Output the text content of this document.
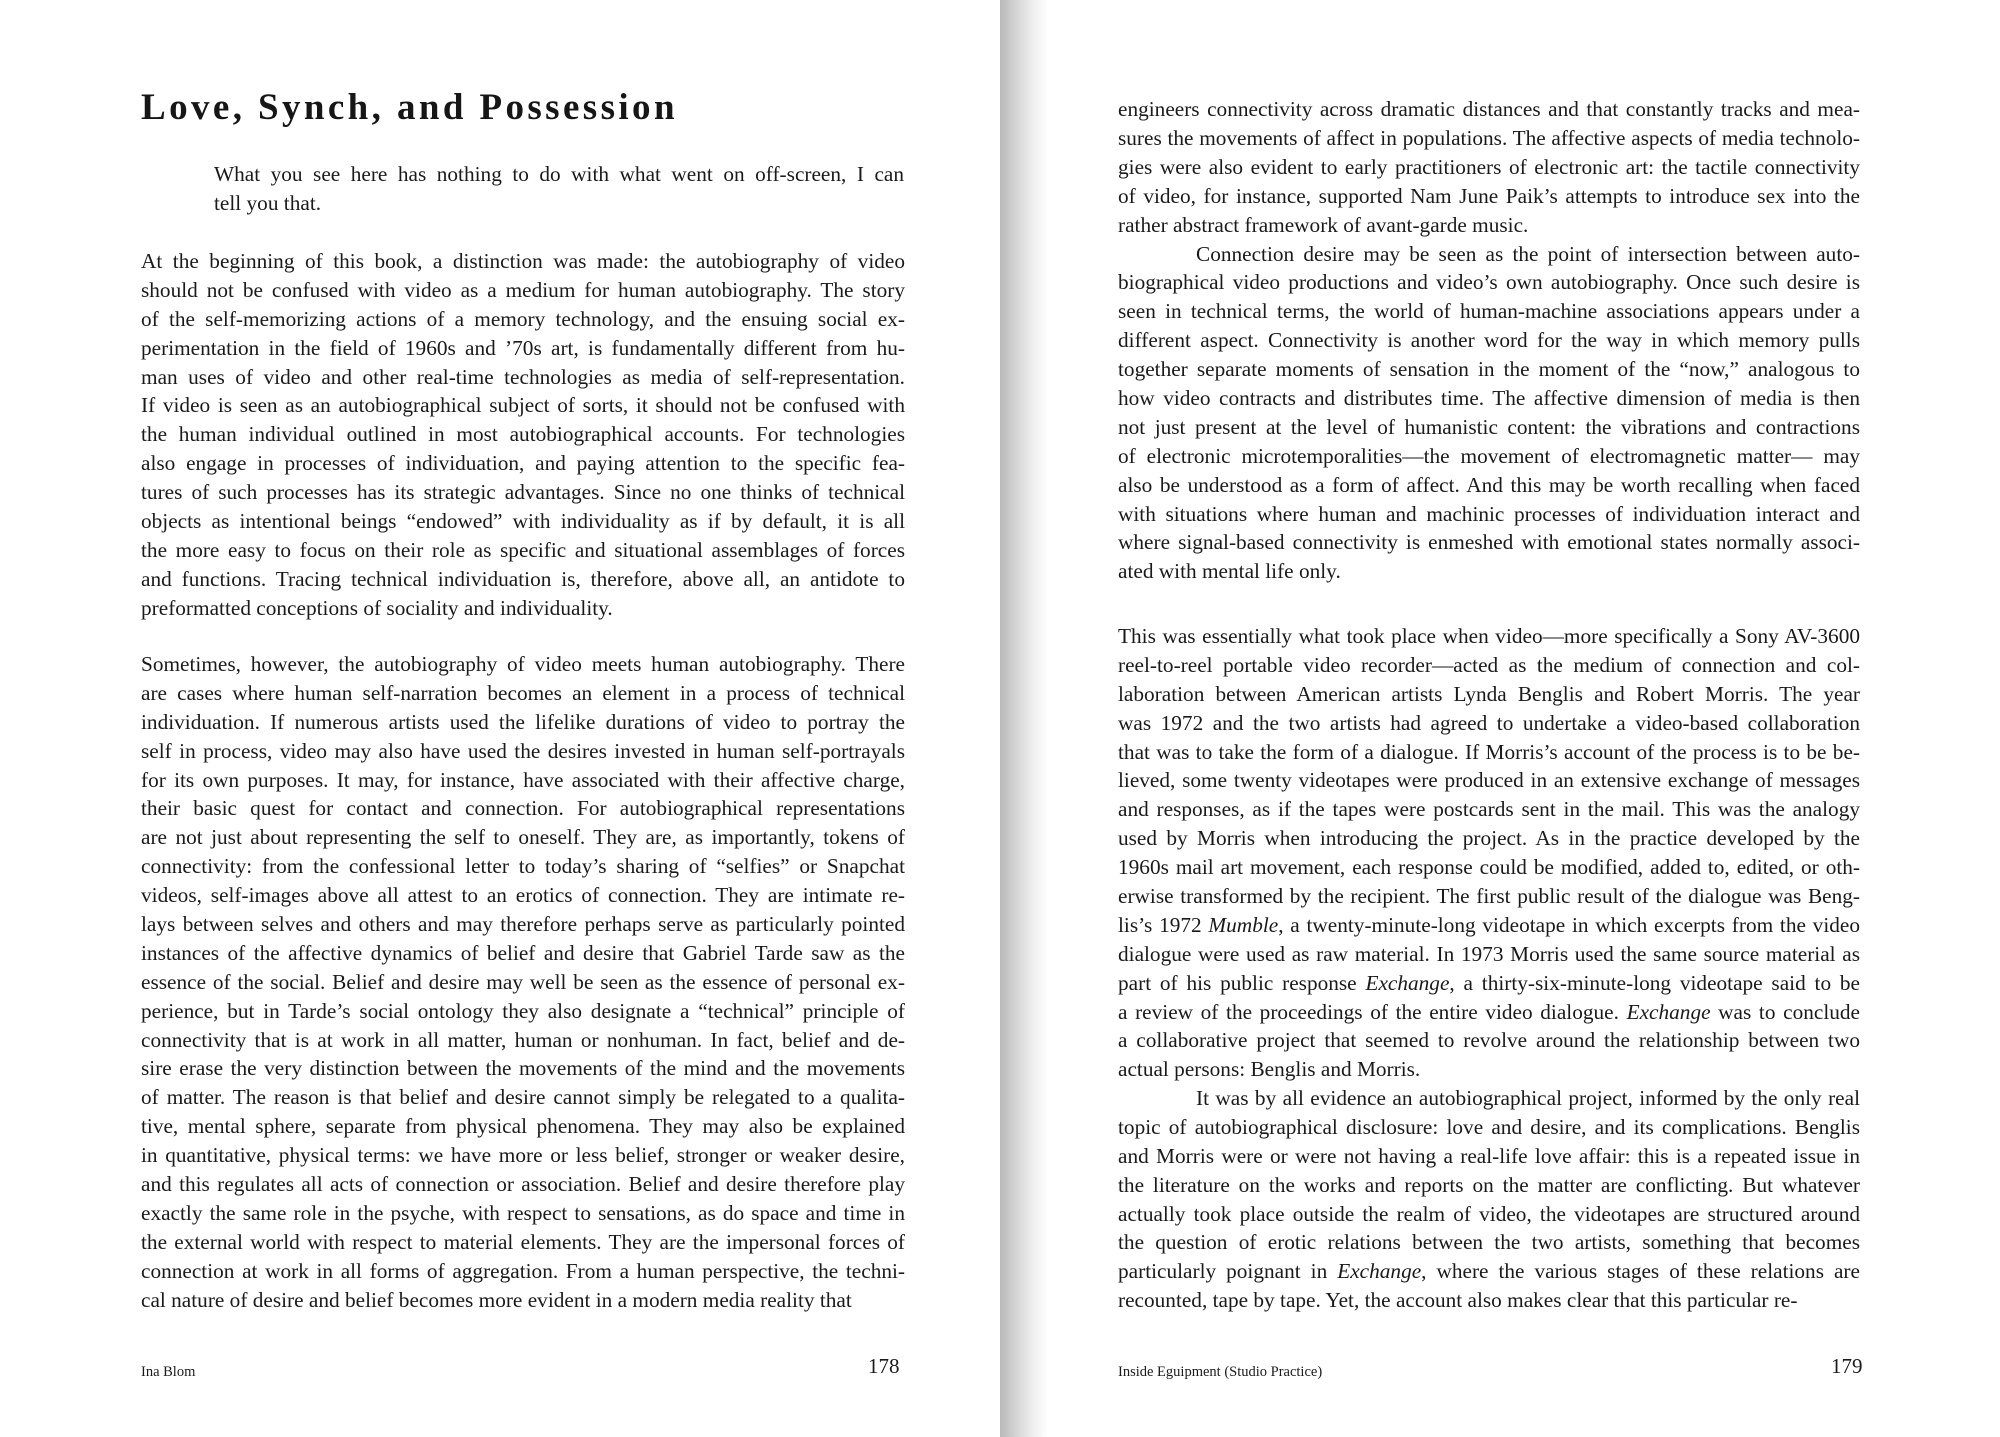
Love, Synch, and Possession
What you see here has nothing to do with what went on off-screen, I can
tell you that.
At the beginning of this book, a distinction was made: the autobiography of video
should not be confused with video as a medium for human autobiography. The story
of the self-memorizing actions of a memory technology, and the ensuing social ex-
perimentation in the field of 1960s and ’70s art, is fundamentally different from hu-
man uses of video and other real-time technologies as media of self-representation.
If video is seen as an autobiographical subject of sorts, it should not be confused with
the human individual outlined in most autobiographical accounts. For technologies
also engage in processes of individuation, and paying attention to the specific fea-
tures of such processes has its strategic advantages. Since no one thinks of technical
objects as intentional beings “endowed” with individuality as if by default, it is all
the more easy to focus on their role as specific and situational assemblages of forces
and functions. Tracing technical individuation is, therefore, above all, an antidote to
preformatted conceptions of sociality and individuality.
Sometimes, however, the autobiography of video meets human autobiography. There
are cases where human self-narration becomes an element in a process of technical
individuation. If numerous artists used the lifelike durations of video to portray the
self in process, video may also have used the desires invested in human self-portrayals
for its own purposes. It may, for instance, have associated with their affective charge,
their basic quest for contact and connection. For autobiographical representations
are not just about representing the self to oneself. They are, as importantly, tokens of
connectivity: from the confessional letter to today’s sharing of “selfies” or Snapchat
videos, self-images above all attest to an erotics of connection. They are intimate re-
lays between selves and others and may therefore perhaps serve as particularly pointed
instances of the affective dynamics of belief and desire that Gabriel Tarde saw as the
essence of the social. Belief and desire may well be seen as the essence of personal ex-
perience, but in Tarde’s social ontology they also designate a “technical” principle of
connectivity that is at work in all matter, human or nonhuman. In fact, belief and de-
sire erase the very distinction between the movements of the mind and the movements
of matter. The reason is that belief and desire cannot simply be relegated to a qualita-
tive, mental sphere, separate from physical phenomena. They may also be explained
in quantitative, physical terms: we have more or less belief, stronger or weaker desire,
and this regulates all acts of connection or association. Belief and desire therefore play
exactly the same role in the psyche, with respect to sensations, as do space and time in
the external world with respect to material elements. They are the impersonal forces of
connection at work in all forms of aggregation. From a human perspective, the techni-
cal nature of desire and belief becomes more evident in a modern media reality that
Ina Blom	178
engineers connectivity across dramatic distances and that constantly tracks and mea-
sures the movements of affect in populations. The affective aspects of media technolo-
gies were also evident to early practitioners of electronic art: the tactile connectivity
of video, for instance, supported Nam June Paik’s attempts to introduce sex into the
rather abstract framework of avant-garde music.
Connection desire may be seen as the point of intersection between auto-
biographical video productions and video’s own autobiography. Once such desire is
seen in technical terms, the world of human-machine associations appears under a
different aspect. Connectivity is another word for the way in which memory pulls
together separate moments of sensation in the moment of the “now,” analogous to
how video contracts and distributes time. The affective dimension of media is then
not just present at the level of humanistic content: the vibrations and contractions
of electronic microtemporalities—the movement of electromagnetic matter— may
also be understood as a form of affect. And this may be worth recalling when faced
with situations where human and machinic processes of individuation interact and
where signal-based connectivity is enmeshed with emotional states normally associ-
ated with mental life only.
This was essentially what took place when video—more specifically a Sony AV-3600
reel-to-reel portable video recorder—acted as the medium of connection and col-
laboration between American artists Lynda Benglis and Robert Morris. The year
was 1972 and the two artists had agreed to undertake a video-based collaboration
that was to take the form of a dialogue. If Morris’s account of the process is to be be-
lieved, some twenty videotapes were produced in an extensive exchange of messages
and responses, as if the tapes were postcards sent in the mail. This was the analogy
used by Morris when introducing the project. As in the practice developed by the
1960s mail art movement, each response could be modified, added to, edited, or oth-
erwise transformed by the recipient. The first public result of the dialogue was Beng-
lis’s 1972 Mumble, a twenty-minute-long videotape in which excerpts from the video
dialogue were used as raw material. In 1973 Morris used the same source material as
part of his public response Exchange, a thirty-six-minute-long videotape said to be
a review of the proceedings of the entire video dialogue. Exchange was to conclude
a collaborative project that seemed to revolve around the relationship between two
actual persons: Benglis and Morris.
It was by all evidence an autobiographical project, informed by the only real
topic of autobiographical disclosure: love and desire, and its complications. Benglis
and Morris were or were not having a real-life love affair: this is a repeated issue in
the literature on the works and reports on the matter are conflicting. But whatever
actually took place outside the realm of video, the videotapes are structured around
the question of erotic relations between the two artists, something that becomes
particularly poignant in Exchange, where the various stages of these relations are
recounted, tape by tape. Yet, the account also makes clear that this particular re-
Inside Eguipment (Studio Practice)	179
